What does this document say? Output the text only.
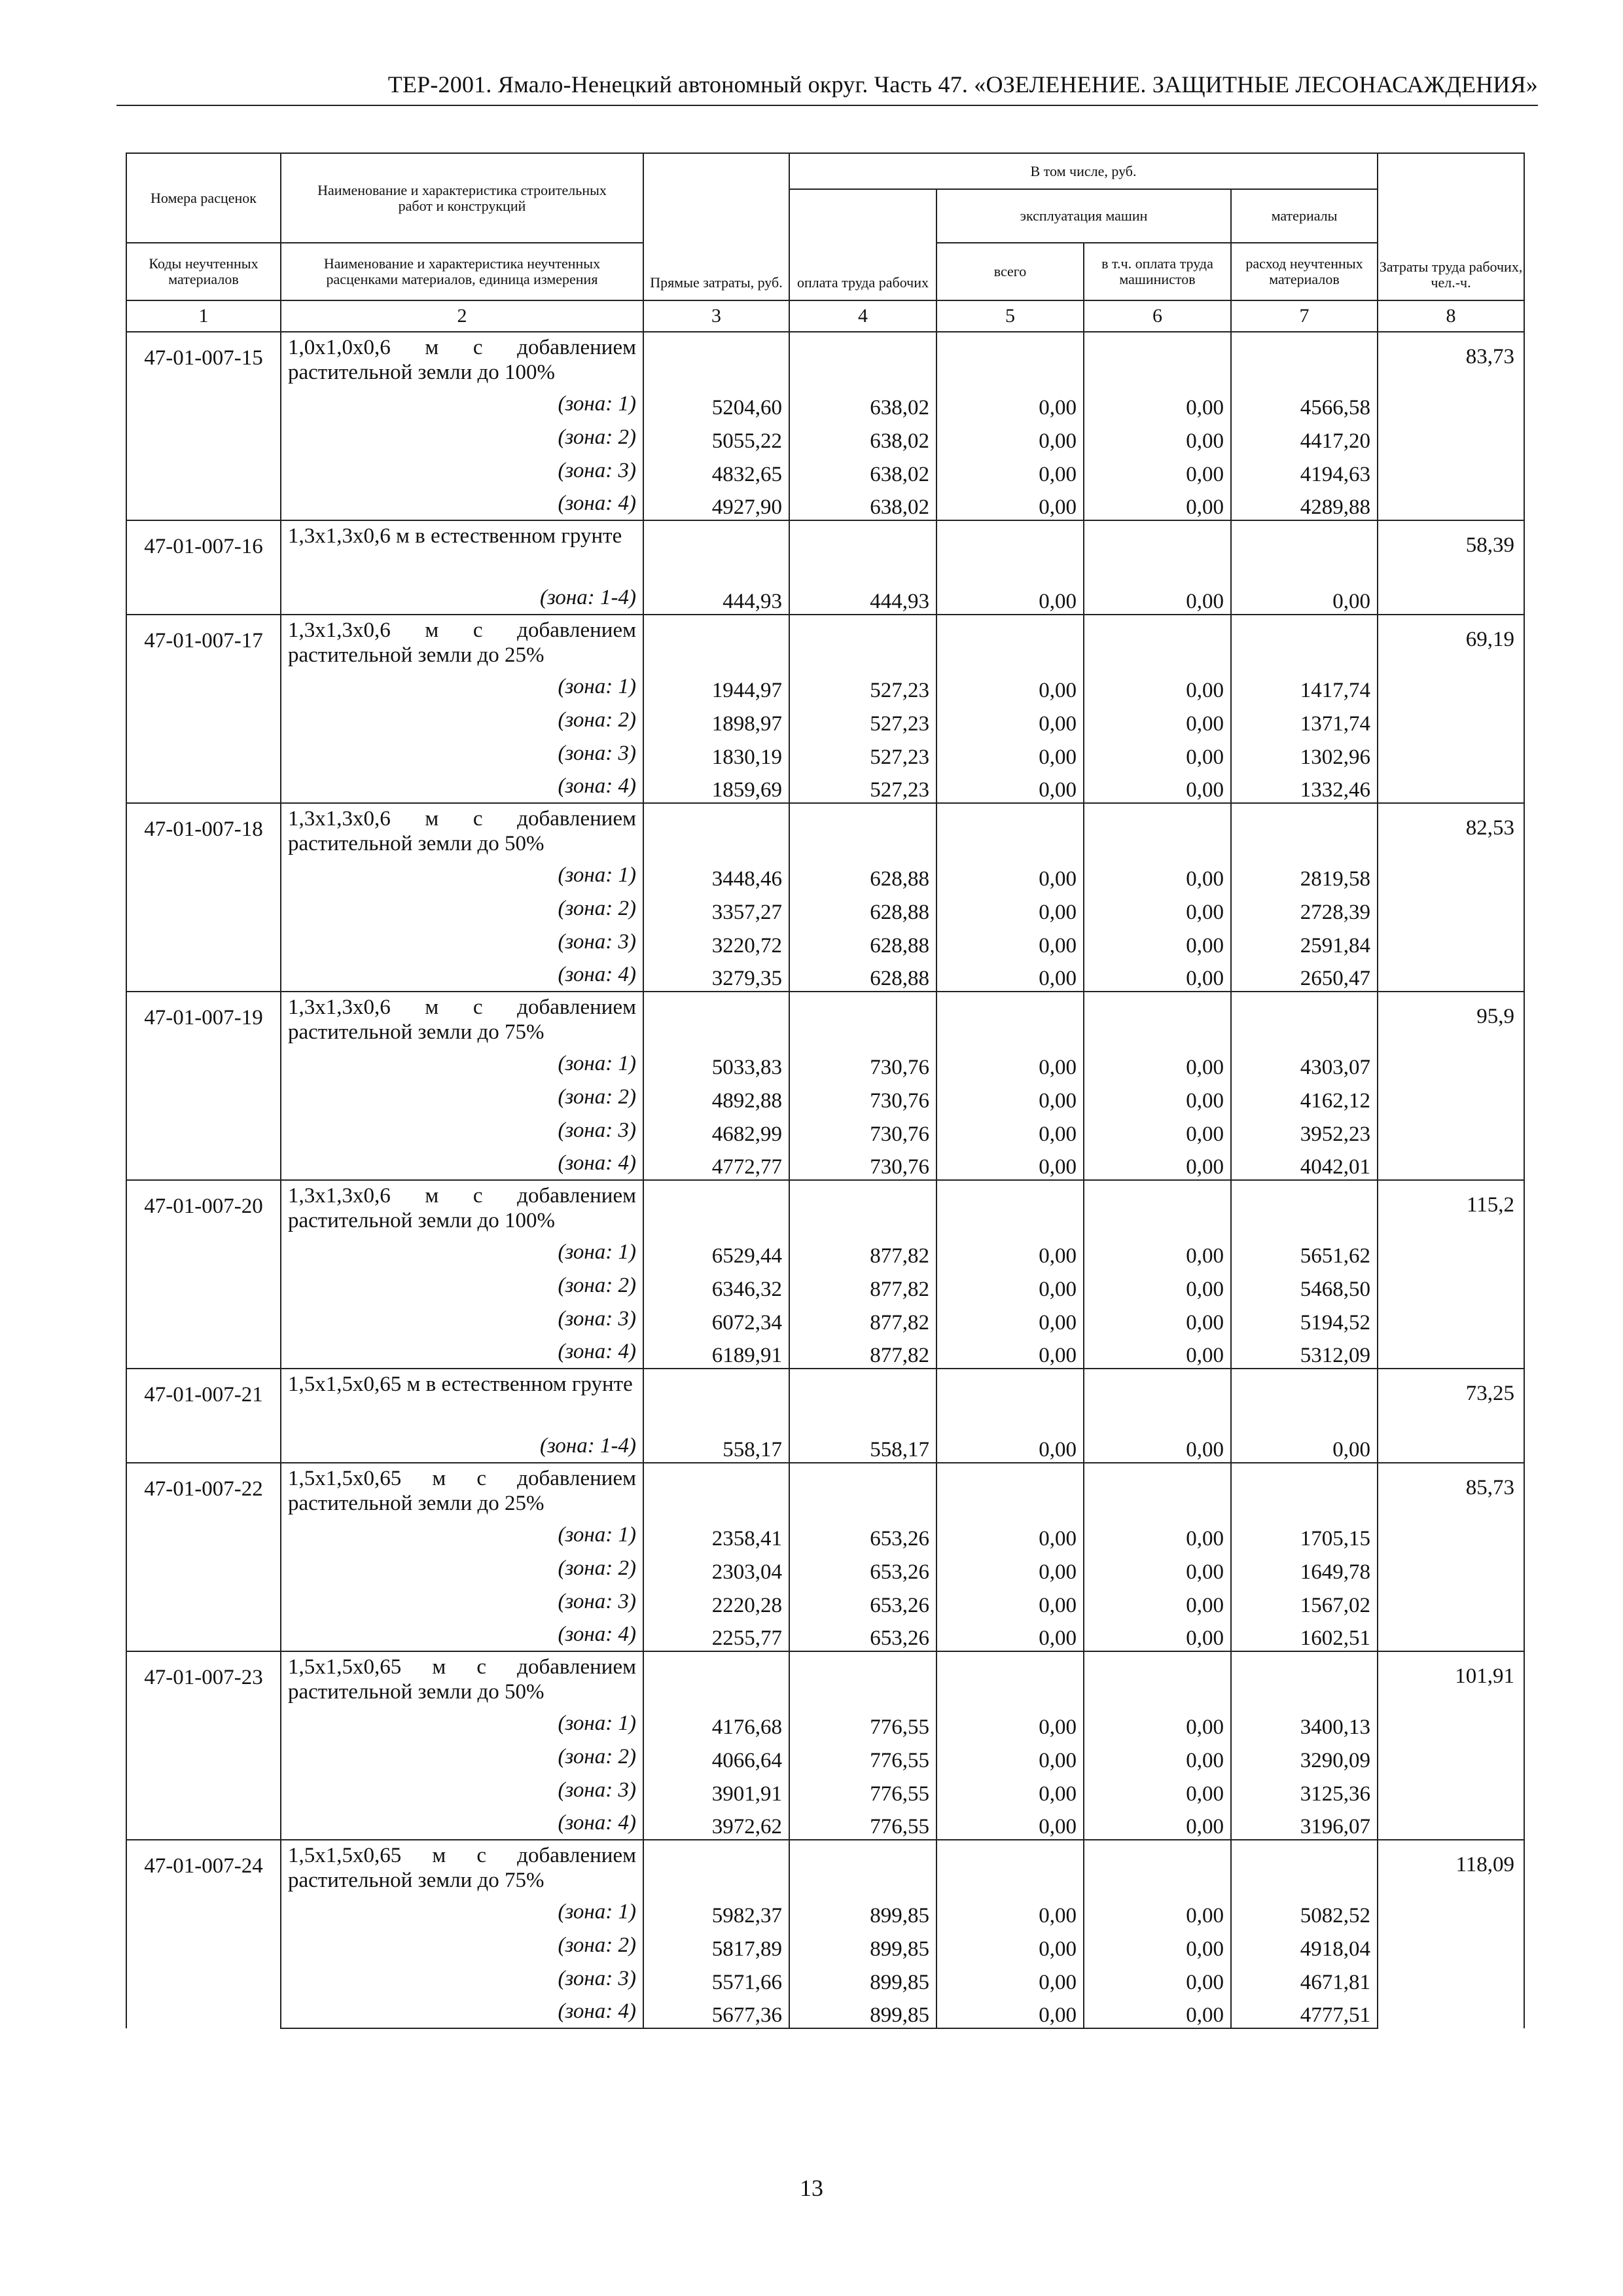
ТЕР-2001. Ямало-Ненецкий автономный округ. Часть 47. «ОЗЕЛЕНЕНИЕ. ЗАЩИТНЫЕ ЛЕСОНАСАЖДЕНИЯ»
Номера расценок	Наименование и характеристика строительных работ и конструкций	Прямые затраты, руб.	В том числе, руб.				Затраты труда рабочих, чел.-ч.
			оплата труда рабочих	эксплуатация машин		материалы	
Коды неучтенных материалов	Наименование и характеристика неучтенных расценками материалов, единица измерения			всего	в т.ч. оплата труда машинистов	расход неучтенных материалов	
1	2	3	4	5	6	7	8
47-01-007-15	1,0х1,0х0,6 м с добавлением растительной земли до 100%						83,73

	(зона: 1)	5204,60	638,02	0,00	0,00	4566,58	

	(зона: 2)	5055,22	638,02	0,00	0,00	4417,20	

	(зона: 3)	4832,65	638,02	0,00	0,00	4194,63	

	(зона: 4)	4927,90	638,02	0,00	0,00	4289,88	
47-01-007-16	1,3х1,3х0,6 м в естественном грунте						58,39

	(зона: 1-4)	444,93	444,93	0,00	0,00	0,00	
47-01-007-17	1,3х1,3х0,6 м с добавлением растительной земли до 25%						69,19

	(зона: 1)	1944,97	527,23	0,00	0,00	1417,74	

	(зона: 2)	1898,97	527,23	0,00	0,00	1371,74	

	(зона: 3)	1830,19	527,23	0,00	0,00	1302,96	

	(зона: 4)	1859,69	527,23	0,00	0,00	1332,46	
47-01-007-18	1,3х1,3х0,6 м с добавлением растительной земли до 50%						82,53

	(зона: 1)	3448,46	628,88	0,00	0,00	2819,58	

	(зона: 2)	3357,27	628,88	0,00	0,00	2728,39	

	(зона: 3)	3220,72	628,88	0,00	0,00	2591,84	

	(зона: 4)	3279,35	628,88	0,00	0,00	2650,47	
47-01-007-19	1,3х1,3х0,6 м с добавлением растительной земли до 75%						95,9

	(зона: 1)	5033,83	730,76	0,00	0,00	4303,07	

	(зона: 2)	4892,88	730,76	0,00	0,00	4162,12	

	(зона: 3)	4682,99	730,76	0,00	0,00	3952,23	

	(зона: 4)	4772,77	730,76	0,00	0,00	4042,01	
47-01-007-20	1,3х1,3х0,6 м с добавлением растительной земли до 100%						115,2

	(зона: 1)	6529,44	877,82	0,00	0,00	5651,62	

	(зона: 2)	6346,32	877,82	0,00	0,00	5468,50	

	(зона: 3)	6072,34	877,82	0,00	0,00	5194,52	

	(зона: 4)	6189,91	877,82	0,00	0,00	5312,09	
47-01-007-21	1,5х1,5х0,65 м в естественном грунте						73,25

	(зона: 1-4)	558,17	558,17	0,00	0,00	0,00	
47-01-007-22	1,5х1,5х0,65 м с добавлением растительной земли до 25%						85,73

	(зона: 1)	2358,41	653,26	0,00	0,00	1705,15	

	(зона: 2)	2303,04	653,26	0,00	0,00	1649,78	

	(зона: 3)	2220,28	653,26	0,00	0,00	1567,02	

	(зона: 4)	2255,77	653,26	0,00	0,00	1602,51	
47-01-007-23	1,5х1,5х0,65 м с добавлением растительной земли до 50%						101,91

	(зона: 1)	4176,68	776,55	0,00	0,00	3400,13	

	(зона: 2)	4066,64	776,55	0,00	0,00	3290,09	

	(зона: 3)	3901,91	776,55	0,00	0,00	3125,36	

	(зона: 4)	3972,62	776,55	0,00	0,00	3196,07	
47-01-007-24	1,5х1,5х0,65 м с добавлением растительной земли до 75%						118,09

	(зона: 1)	5982,37	899,85	0,00	0,00	5082,52	

	(зона: 2)	5817,89	899,85	0,00	0,00	4918,04	

	(зона: 3)	5571,66	899,85	0,00	0,00	4671,81	

	(зона: 4)	5677,36	899,85	0,00	0,00	4777,51	
13
